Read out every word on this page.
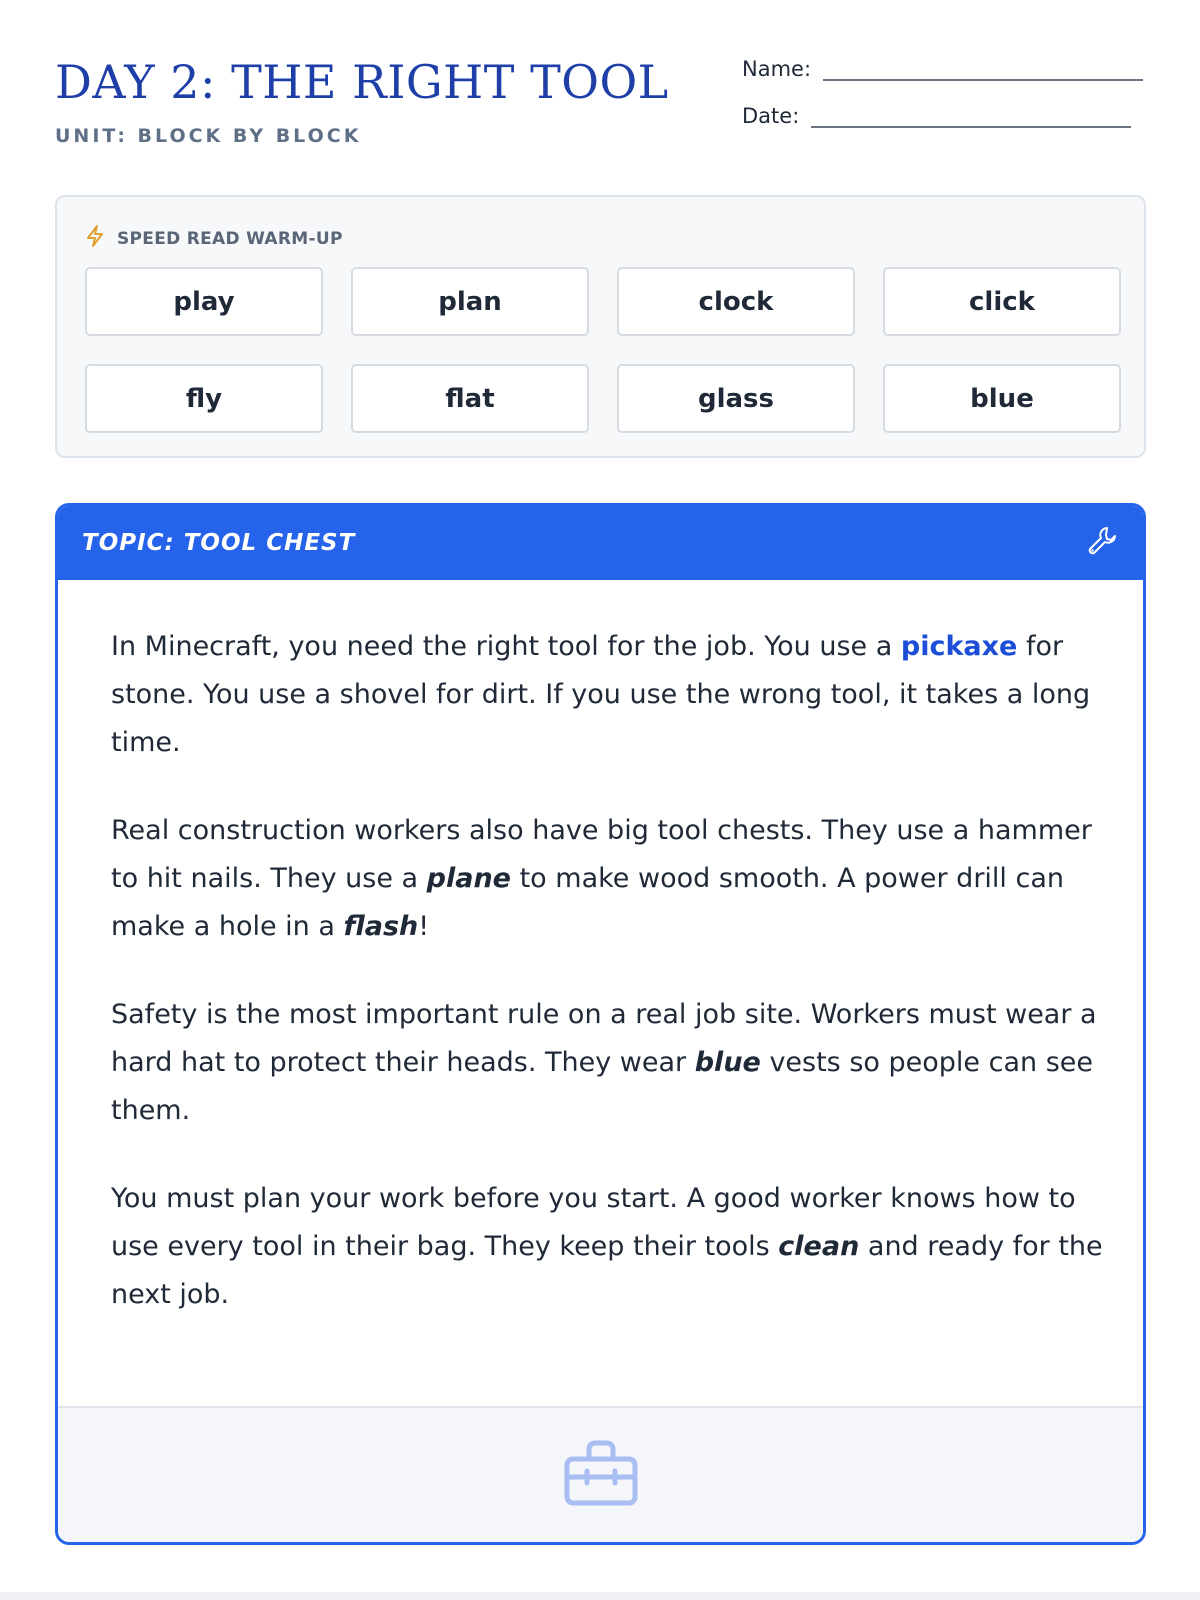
DAY 2: THE RIGHT TOOL
UNIT: BLOCK BY BLOCK
Name:
Date:
SPEED READ WARM-UP
play	plan	clock	click
fly	flat	glass	blue
TOPIC: TOOL CHEST

In Minecraft, you need the right tool for the job. You use a pickaxe for stone. You use a shovel for dirt. If you use the wrong tool, it takes a long time.

Real construction workers also have big tool chests. They use a hammer to hit nails. They use a plane to make wood smooth. A power drill can make a hole in a flash!

Safety is the most important rule on a real job site. Workers must wear a hard hat to protect their heads. They wear blue vests so people can see them.

You must plan your work before you start. A good worker knows how to use every tool in their bag. They keep their tools clean and ready for the next job.
